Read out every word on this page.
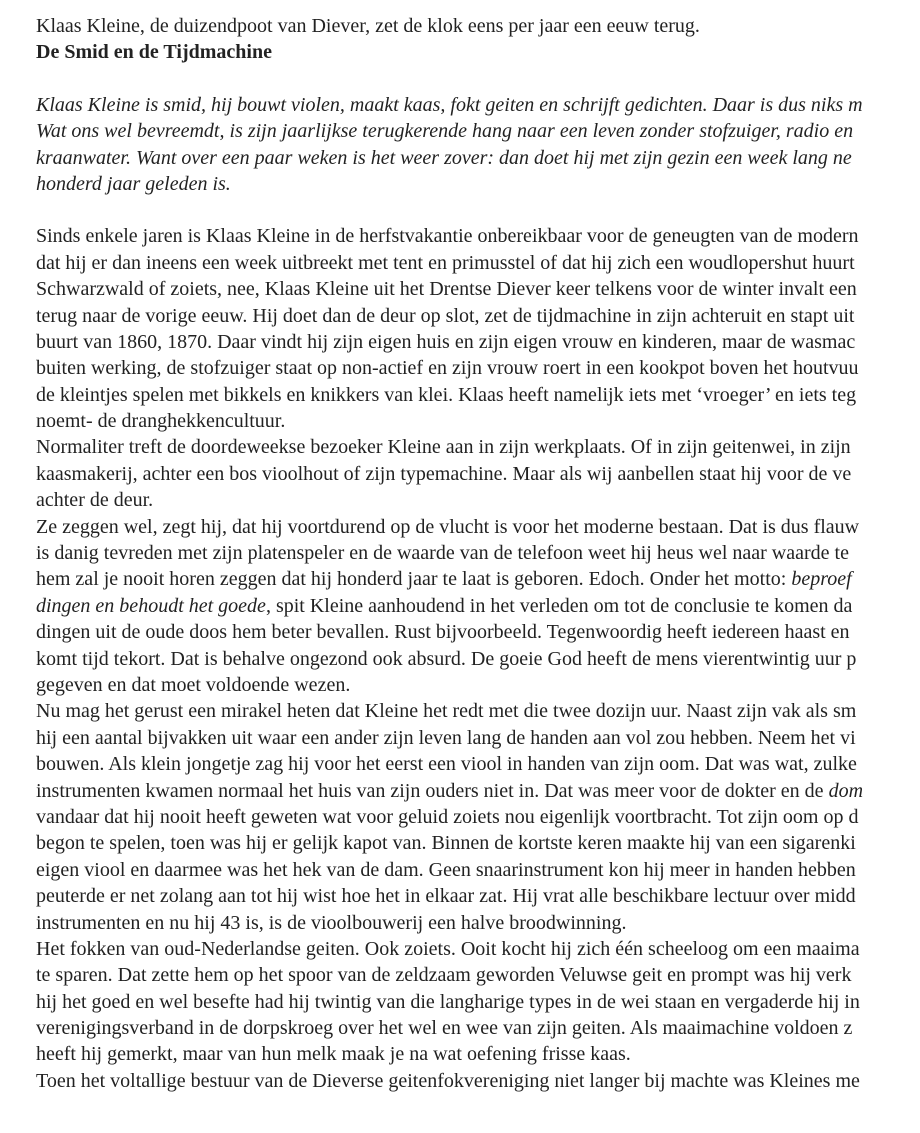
Klaas Kleine, de duizendpoot van Diever, zet de klok eens per jaar een eeuw terug.
De Smid en de Tijdmachine
Klaas Kleine is smid, hij bouwt violen, maakt kaas, fokt geiten en schrijft gedichten. Daar is dus niks m
Wat ons wel bevreemdt, is zijn jaarlijkse terugkerende hang naar een leven zonder stofzuiger, radio en
kraanwater. Want over een paar weken is het weer zover: dan doet hij met zijn gezin een week lang ne
honderd jaar geleden is.
Sinds enkele jaren is Klaas Kleine in de herfstvakantie onbereikbaar voor de geneugten van de modern
dat hij er dan ineens een week uitbreekt met tent en primusstel of dat hij zich een woudlopershut huurt
Schwarzwald of zoiets, nee, Klaas Kleine uit het Drentse Diever keer telkens voor de winter invalt een
terug naar de vorige eeuw. Hij doet dan de deur op slot, zet de tijdmachine in zijn achteruit en stapt uit
buurt van 1860, 1870. Daar vindt hij zijn eigen huis en zijn eigen vrouw en kinderen, maar de wasmac
buiten werking, de stofzuiger staat op non-actief en zijn vrouw roert in een kookpot boven het houtvuu
de kleintjes spelen met bikkels en knikkers van klei. Klaas heeft namelijk iets met ‘vroeger’ en iets teg
noemt- de dranghekkencultuur.
Normaliter treft de doordeweekse bezoeker Kleine aan in zijn werkplaats. Of in zijn geitenwei, in zijn
kaasmakerij, achter een bos vioolhout of zijn typemachine. Maar als wij aanbellen staat hij voor de ve
achter de deur.
Ze zeggen wel, zegt hij, dat hij voortdurend op de vlucht is voor het moderne bestaan. Dat is dus flauw
is danig tevreden met zijn platenspeler en de waarde van de telefoon weet hij heus wel naar waarde te
hem zal je nooit horen zeggen dat hij honderd jaar te laat is geboren. Edoch. Onder het motto: beproef
dingen en behoudt het goede, spit Kleine aanhoudend in het verleden om tot de conclusie te komen da
dingen uit de oude doos hem beter bevallen. Rust bijvoorbeeld. Tegenwoordig heeft iedereen haast en
komt tijd tekort. Dat is behalve ongezond ook absurd. De goeie God heeft de mens vierentwintig uur p
gegeven en dat moet voldoende wezen.
Nu mag het gerust een mirakel heten dat Kleine het redt met die twee dozijn uur. Naast zijn vak als sm
hij een aantal bijvakken uit waar een ander zijn leven lang de handen aan vol zou hebben. Neem het vi
bouwen. Als klein jongetje zag hij voor het eerst een viool in handen van zijn oom. Dat was wat, zulke
instrumenten kwamen normaal het huis van zijn ouders niet in. Dat was meer voor de dokter en de dom
vandaar dat hij nooit heeft geweten wat voor geluid zoiets nou eigenlijk voortbracht. Tot zijn oom op d
begon te spelen, toen was hij er gelijk kapot van. Binnen de kortste keren maakte hij van een sigarenki
eigen viool en daarmee was het hek van de dam. Geen snaarinstrument kon hij meer in handen hebben
peuterde er net zolang aan tot hij wist hoe het in elkaar zat. Hij vrat alle beschikbare lectuur over midd
instrumenten en nu hij 43 is, is de vioolbouwerij een halve broodwinning.
Het fokken van oud-Nederlandse geiten. Ook zoiets. Ooit kocht hij zich één scheeloog om een maaima
te sparen. Dat zette hem op het spoor van de zeldzaam geworden Veluwse geit en prompt was hij verk
hij het goed en wel besefte had hij twintig van die langharige types in de wei staan en vergaderde hij in
verenigingsverband in de dorpskroeg over het wel en wee van zijn geiten. Als maaimachine voldoen z
heeft hij gemerkt, maar van hun melk maak je na wat oefening frisse kaas.
Toen het voltallige bestuur van de Dieverse geitenfokvereniging niet langer bij machte was Kleines me
